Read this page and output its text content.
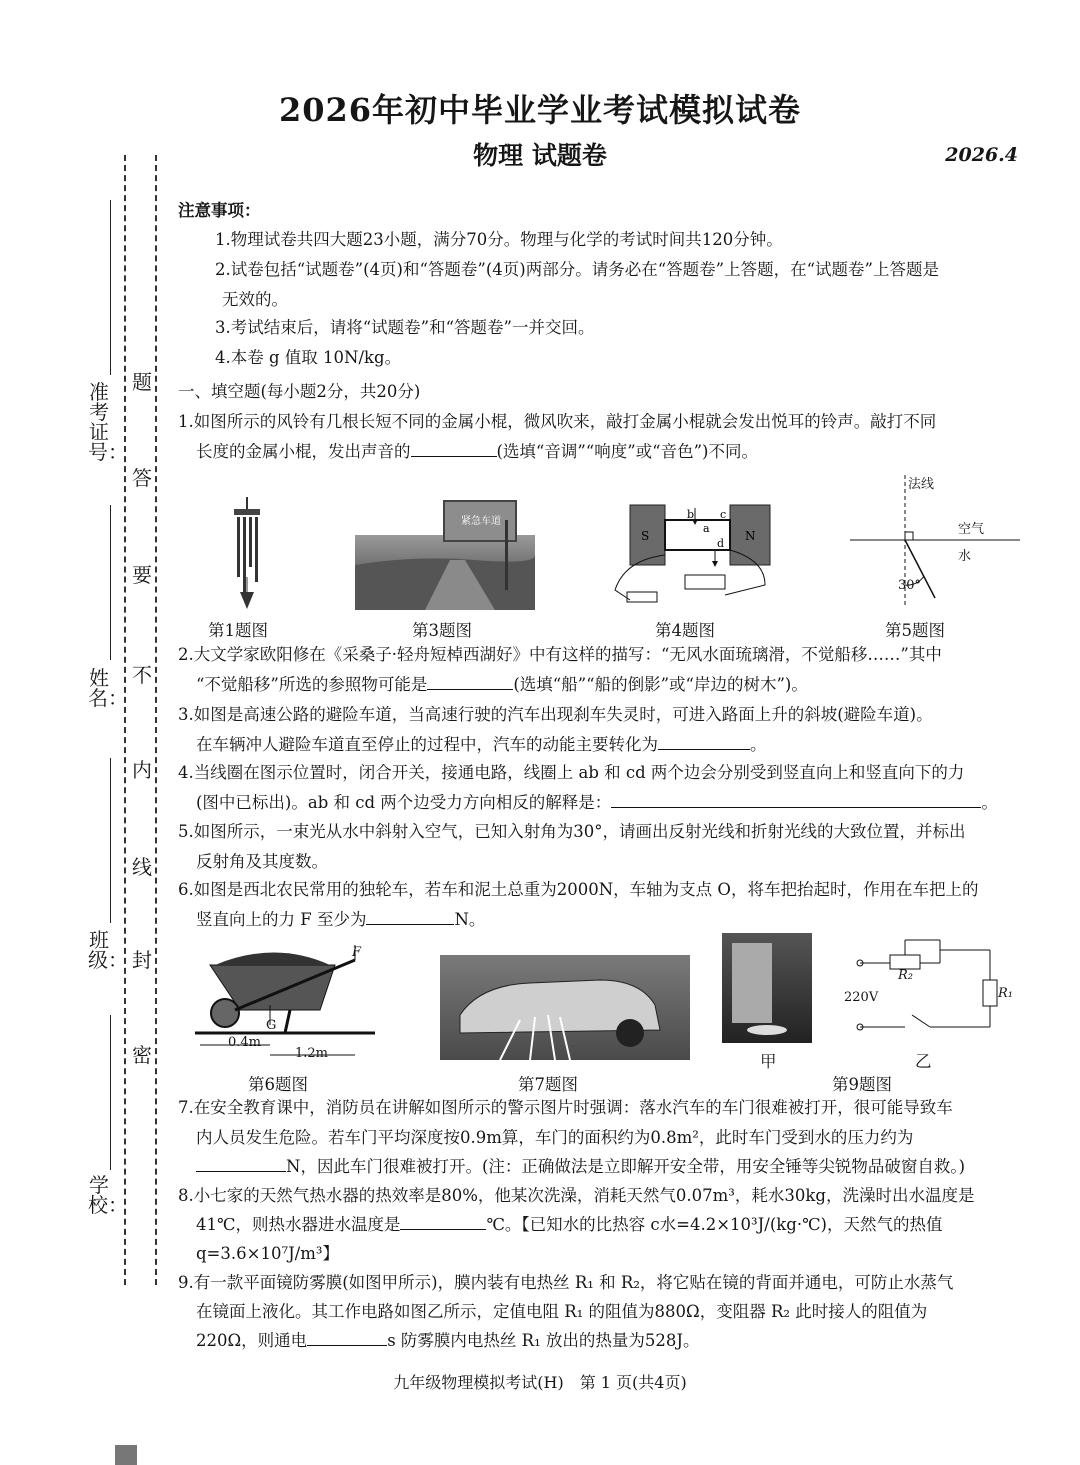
2026年初中毕业学业考试模拟试卷
物理 试题卷	2026.4
准考证号：
姓名：
班级：
学校：
题
答
要
不
内
线
封
密
注意事项：
1.物理试卷共四大题23小题，满分70分。物理与化学的考试时间共120分钟。
2.试卷包括“试题卷”(4页)和“答题卷”(4页)两部分。请务必在“答题卷”上答题，在“试题卷”上答题是
无效的。
3.考试结束后，请将“试题卷”和“答题卷”一并交回。
4.本卷 g 值取 10N/kg。
一、填空题(每小题2分，共20分)
1.如图所示的风铃有几根长短不同的金属小棍，微风吹来，敲打金属小棍就会发出悦耳的铃声。敲打不同
长度的金属小棍，发出声音的	(选填“音调”“响度”或“音色”)不同。
紧急车道
S	N
b c
a
d
法线
空气
水
30°
第1题图	第3题图	第4题图	第5题图
2.大文学家欧阳修在《采桑子·轻舟短棹西湖好》中有这样的描写：“无风水面琉璃滑，不觉船移……”其中
“不觉船移”所选的参照物可能是	(选填“船”“船的倒影”或“岸边的树木”)。
3.如图是高速公路的避险车道，当高速行驶的汽车出现刹车失灵时，可进入路面上升的斜坡(避险车道)。
在车辆冲人避险车道直至停止的过程中，汽车的动能主要转化为	。
4.当线圈在图示位置时，闭合开关，接通电路，线圈上 ab 和 cd 两个边会分别受到竖直向上和竖直向下的力
(图中已标出)。ab 和 cd 两个边受力方向相反的解释是：	。
5.如图所示，一束光从水中斜射入空气，已知入射角为30°，请画出反射光线和折射光线的大致位置，并标出
反射角及其度数。
6.如图是西北农民常用的独轮车，若车和泥土总重为2000N，车轴为支点 O，将车把抬起时，作用在车把上的
竖直向上的力 F 至少为	N。
F
G
0.4m
1.2m
220V
R₂
R₁
第6题图	第7题图	第9题图
甲	乙
7.在安全教育课中，消防员在讲解如图所示的警示图片时强调：落水汽车的车门很难被打开，很可能导致车
内人员发生危险。若车门平均深度按0.9m算，车门的面积约为0.8m²，此时车门受到水的压力约为
N，因此车门很难被打开。(注：正确做法是立即解开安全带，用安全锤等尖锐物品破窗自救。)
8.小七家的天然气热水器的热效率是80%，他某次洗澡，消耗天然气0.07m³，耗水30kg，洗澡时出水温度是
41℃，则热水器进水温度是	℃。【已知水的比热容 c水=4.2×10³J/(kg·℃)，天然气的热值
q=3.6×10⁷J/m³】
9.有一款平面镜防雾膜(如图甲所示)，膜内装有电热丝 R₁ 和 R₂，将它贴在镜的背面并通电，可防止水蒸气
在镜面上液化。其工作电路如图乙所示，定值电阻 R₁ 的阻值为880Ω，变阻器 R₂ 此时接人的阻值为
220Ω，则通电	s 防雾膜内电热丝 R₁ 放出的热量为528J。
九年级物理模拟考试(H)　第 1 页(共4页)
